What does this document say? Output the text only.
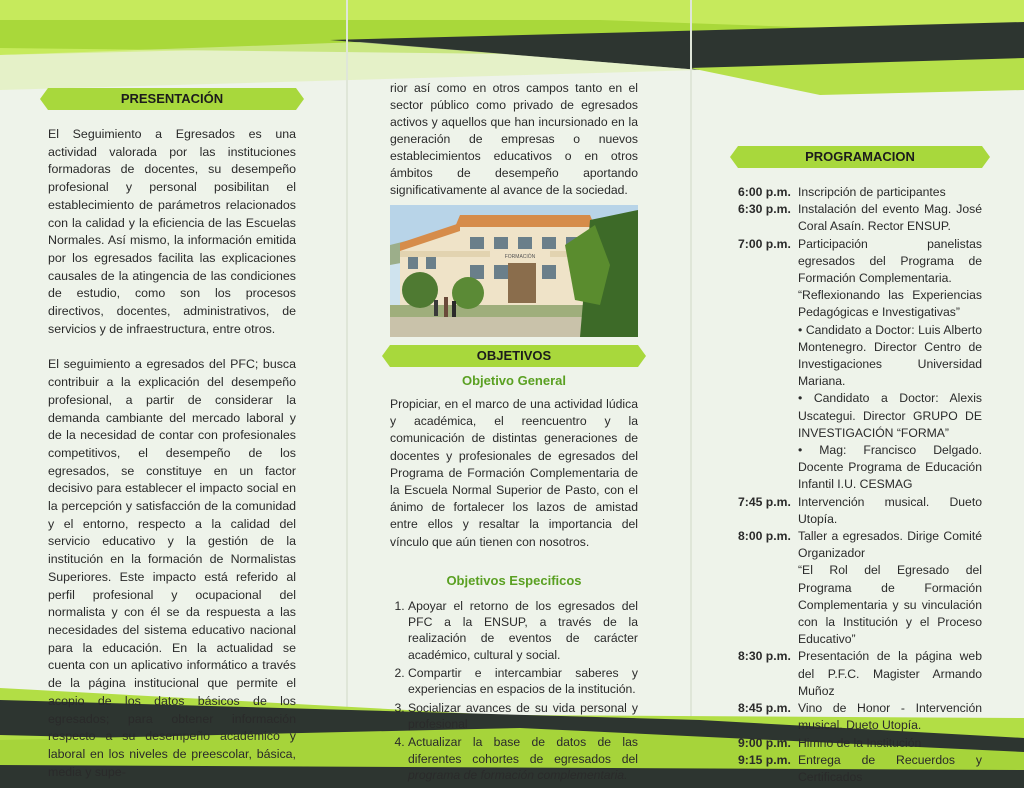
PRESENTACIÓN

El Seguimiento a Egresados es una actividad valorada por las instituciones formadoras de docentes, su desempeño profesional y personal posibilitan el establecimiento de parámetros relacionados con la calidad y la eficiencia de las Escuelas Normales. Así mismo, la información emitida por los egresados facilita las explicaciones causales de la atingencia de las condiciones de estudio, como son los procesos directivos, docentes, administrativos, de servicios y de infraestructura, entre otros.

El seguimiento a egresados del PFC; busca contribuir a la explicación del desempeño profesional, a partir de considerar la demanda cambiante del mercado laboral y de la necesidad de contar con profesionales competitivos, el desempeño de los egresados, se constituye en un factor decisivo para establecer el impacto social en la percepción y satisfacción de la comunidad y el entorno, respecto a la calidad del servicio educativo y la gestión de la institución en la formación de Normalistas Superiores. Este impacto está referido al perfil profesional y ocupacional del normalista y con él se da respuesta a las necesidades del sistema educativo nacional para la educación. En la actualidad se cuenta con un aplicativo informático a través de la página institucional que permite el acopio de los datos básicos de los egresados; para obtener información respecto a su desempeño académico y laboral en los niveles de preescolar, básica, media y supe-

rior así como en otros campos tanto en el sector público como privado de egresados activos y aquellos que han incursionado en la generación de empresas o nuevos establecimientos educativos o en otros ámbitos de desempeño aportando significativamente al avance de la sociedad.
FORMACIÓN
OBJETIVOS

Objetivo General

Propiciar, en el marco de una actividad lúdica y académica, el reencuentro y la comunicación de distintas generaciones de docentes y profesionales de egresados del Programa de Formación Complementaria de la Escuela Normal Superior de Pasto, con el ánimo de fortalecer los lazos de amistad entre ellos y resaltar la importancia del vínculo que aún tienen con nosotros.

Objetivos Especificos

1. Apoyar el retorno de los egresados del PFC a la ENSUP, a través de la realización de eventos de carácter académico, cultural y social.
2. Compartir e intercambiar saberes y experiencias en espacios de la institución.
3. Socializar avances de su vida personal y profesional
4. Actualizar la base de datos de las diferentes cohortes de egresados del programa de formación complementaria.
PROGRAMACION
6:00 p.m. Inscripción de participantes

6:30 p.m. Instalación del evento Mag. José Coral Asaín. Rector ENSUP.

7:00 p.m. Participación panelistas egresados del Programa de Formación Complementaria.

“Reflexionando las Experiencias Pedagógicas e Investigativas”

• Candidato a Doctor: Luis Alberto Montenegro. Director Centro de Investigaciones Universidad Mariana.

• Candidato a Doctor: Alexis Uscategui. Director GRUPO DE INVESTIGACIÓN “FORMA”

• Mag: Francisco Delgado. Docente Programa de Educación Infantil I.U. CESMAG

7:45 p.m. Intervención musical. Dueto Utopía.

8:00 p.m. Taller a egresados. Dirige Comité Organizador

“El Rol del Egresado del Programa de Formación Complementaria y su vinculación con la Institución y el Proceso Educativo”

8:30 p.m. Presentación de la página web del P.F.C. Magister Armando Muñoz

8:45 p.m. Vino de Honor - Intervención musical. Dueto Utopía.

9:00 p.m. Himno de la Institución

9:15 p.m. Entrega de Recuerdos y Certificados
